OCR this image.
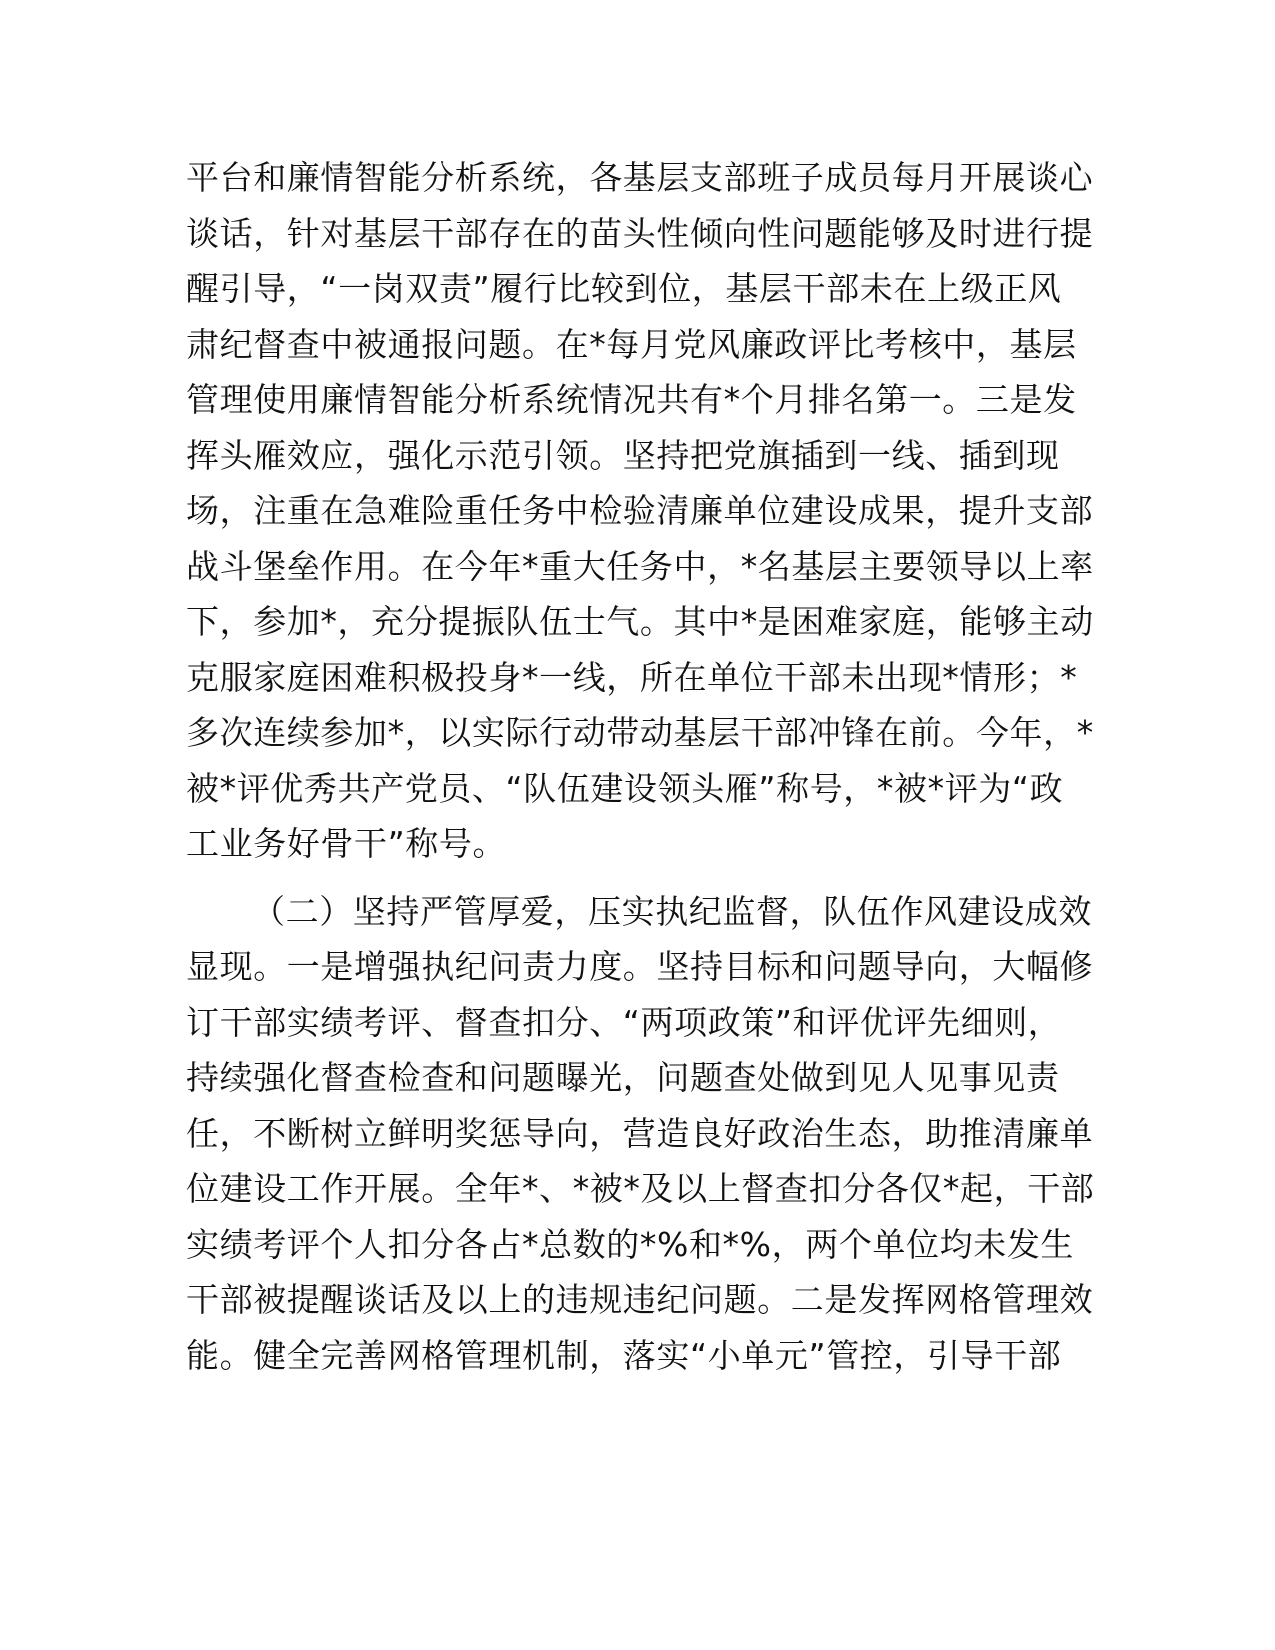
平台和廉情智能分析系统，各基层支部班子成员每月开展谈心
谈话，针对基层干部存在的苗头性倾向性问题能够及时进行提
醒引导，“一岗双责”履行比较到位，基层干部未在上级正风
肃纪督查中被通报问题。在*每月党风廉政评比考核中，基层
管理使用廉情智能分析系统情况共有*个月排名第一。三是发
挥头雁效应，强化示范引领。坚持把党旗插到一线、插到现
场，注重在急难险重任务中检验清廉单位建设成果，提升支部
战斗堡垒作用。在今年*重大任务中，*名基层主要领导以上率
下，参加*，充分提振队伍士气。其中*是困难家庭，能够主动
克服家庭困难积极投身*一线，所在单位干部未出现*情形；*
多次连续参加*，以实际行动带动基层干部冲锋在前。今年，*
被*评优秀共产党员、“队伍建设领头雁”称号，*被*评为“政
工业务好骨干”称号。
（二）坚持严管厚爱，压实执纪监督，队伍作风建设成效
显现。一是增强执纪问责力度。坚持目标和问题导向，大幅修
订干部实绩考评、督查扣分、“两项政策”和评优评先细则，
持续强化督查检查和问题曝光，问题查处做到见人见事见责
任，不断树立鲜明奖惩导向，营造良好政治生态，助推清廉单
位建设工作开展。全年*、*被*及以上督查扣分各仅*起，干部
实绩考评个人扣分各占*总数的*%和*%，两个单位均未发生
干部被提醒谈话及以上的违规违纪问题。二是发挥网格管理效
能。健全完善网格管理机制，落实“小单元”管控，引导干部
